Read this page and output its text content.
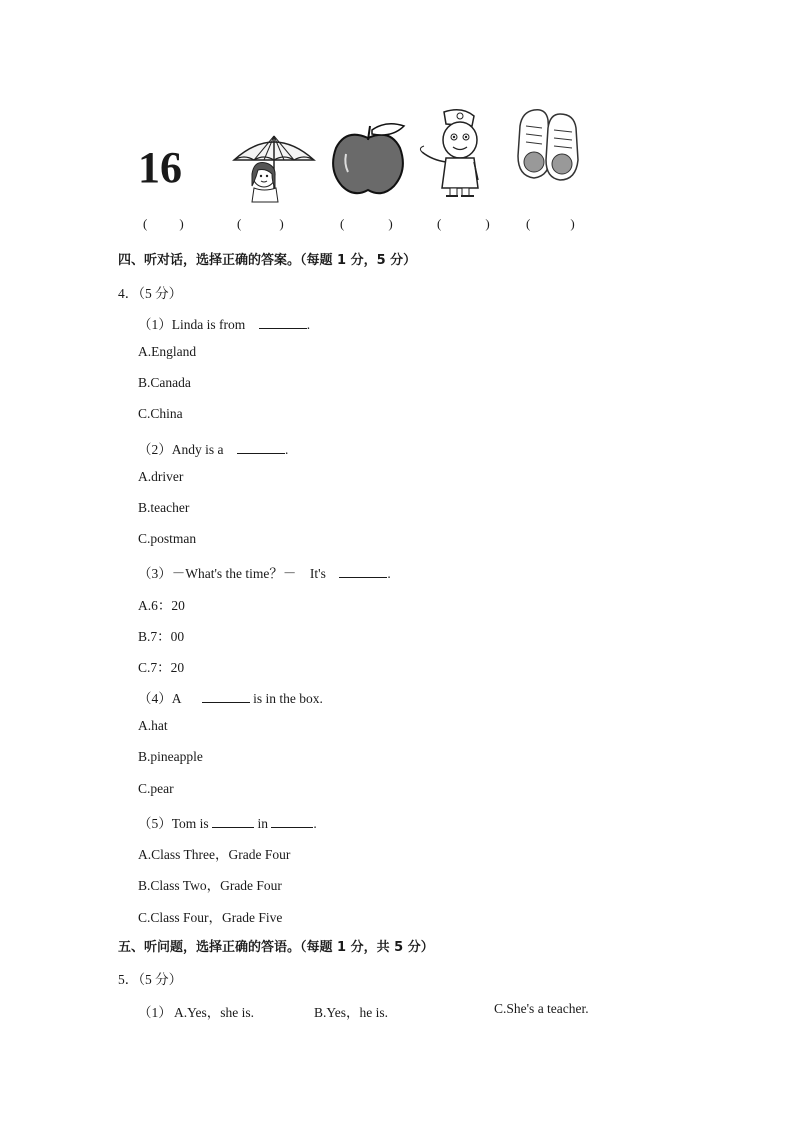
16
( )	(	)	(	)	(	)	(	)
四、听对话，选择正确的答案。（每题 1 分，5 分）
4．（5 分）
（1）Linda is from	.
A.England
B.Canada
C.China
（2）Andy is a	.
A.driver
B.teacher
C.postman
（3）－What's the time？－　It's	.
A.6：20
B.7：00
C.7：20
（4）A	is in the box.
A.hat
B.pineapple
C.pear
（5）Tom is	in	.
A.Class Three，Grade Four
B.Class Two，Grade Four
C.Class Four，Grade Five
五、听问题，选择正确的答语。（每题 1 分，共 5 分）
5．（5 分）
（1） A.Yes，she is.	B.Yes，he is.	C.She's a teacher.
